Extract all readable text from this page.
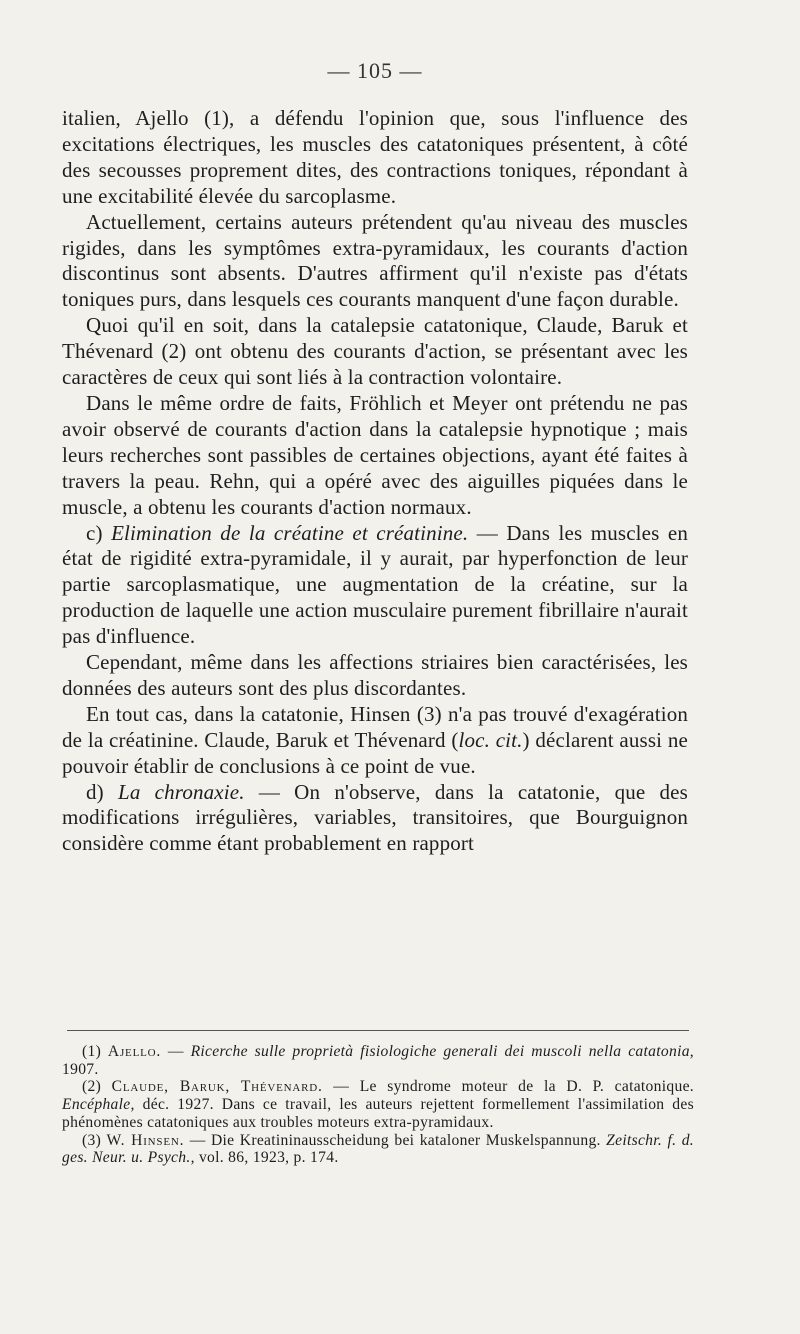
— 105 —

italien, Ajello (1), a défendu l'opinion que, sous l'influence des excitations électriques, les muscles des catatoniques présentent, à côté des secousses proprement dites, des contractions toniques, répondant à une excitabilité élevée du sarcoplasme.

Actuellement, certains auteurs prétendent qu'au niveau des muscles rigides, dans les symptômes extra-pyramidaux, les courants d'action discontinus sont absents. D'autres affirment qu'il n'existe pas d'états toniques purs, dans lesquels ces courants manquent d'une façon durable.

Quoi qu'il en soit, dans la catalepsie catatonique, Claude, Baruk et Thévenard (2) ont obtenu des courants d'action, se présentant avec les caractères de ceux qui sont liés à la contraction volontaire.

Dans le même ordre de faits, Fröhlich et Meyer ont prétendu ne pas avoir observé de courants d'action dans la catalepsie hypnotique ; mais leurs recherches sont passibles de certaines objections, ayant été faites à travers la peau. Rehn, qui a opéré avec des aiguilles piquées dans le muscle, a obtenu les courants d'action normaux.

c) Elimination de la créatine et créatinine. — Dans les muscles en état de rigidité extra-pyramidale, il y aurait, par hyperfonction de leur partie sarcoplasmatique, une augmentation de la créatine, sur la production de laquelle une action musculaire purement fibrillaire n'aurait pas d'influence.

Cependant, même dans les affections striaires bien caractérisées, les données des auteurs sont des plus discordantes.

En tout cas, dans la catatonie, Hinsen (3) n'a pas trouvé d'exagération de la créatinine. Claude, Baruk et Thévenard (loc. cit.) déclarent aussi ne pouvoir établir de conclusions à ce point de vue.

d) La chronaxie. — On n'observe, dans la catatonie, que des modifications irrégulières, variables, transitoires, que Bourguignon considère comme étant probablement en rapport

(1) Ajello. — Ricerche sulle proprietà fisiologiche generali dei muscoli nella catatonia, 1907.

(2) Claude, Baruk, Thévenard. — Le syndrome moteur de la D. P. catatonique. Encéphale, déc. 1927. Dans ce travail, les auteurs rejettent formellement l'assimilation des phénomènes catatoniques aux troubles moteurs extra-pyramidaux.

(3) W. Hinsen. — Die Kreatininausscheidung bei kataloner Muskelspannung. Zeitschr. f. d. ges. Neur. u. Psych., vol. 86, 1923, p. 174.
